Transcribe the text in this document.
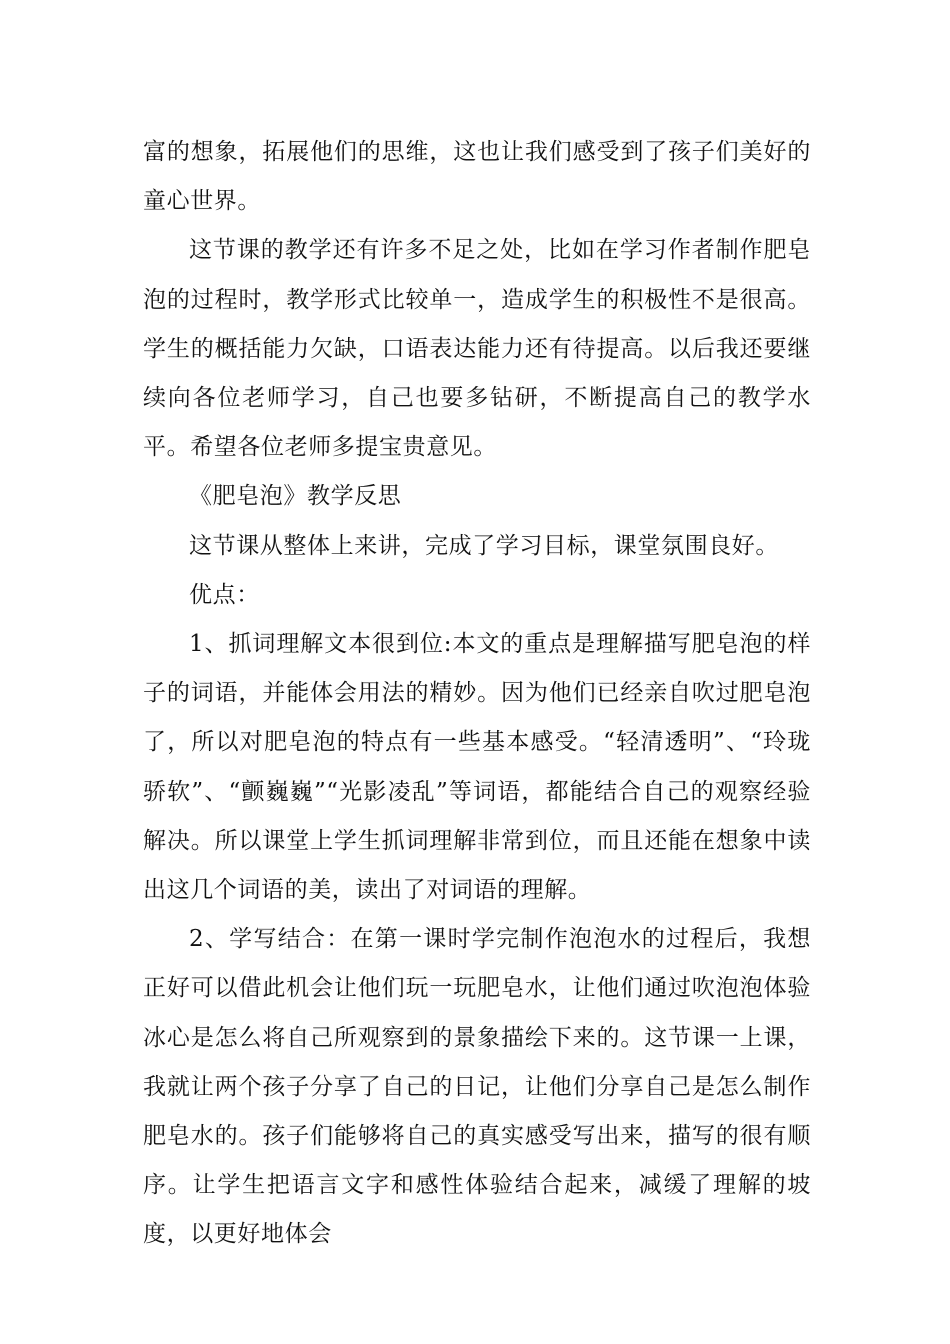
富的想象，拓展他们的思维，这也让我们感受到了孩子们美好的童心世界。

这节课的教学还有许多不足之处，比如在学习作者制作肥皂泡的过程时，教学形式比较单一，造成学生的积极性不是很高。学生的概括能力欠缺，口语表达能力还有待提高。以后我还要继续向各位老师学习，自己也要多钻研，不断提高自己的教学水平。希望各位老师多提宝贵意见。

《肥皂泡》教学反思

这节课从整体上来讲，完成了学习目标，课堂氛围良好。

优点：

1、抓词理解文本很到位:本文的重点是理解描写肥皂泡的样子的词语，并能体会用法的精妙。因为他们已经亲自吹过肥皂泡了，所以对肥皂泡的特点有一些基本感受。“轻清透明”、“玲珑骄软”、“颤巍巍”“光影凌乱”等词语，都能结合自己的观察经验解决。所以课堂上学生抓词理解非常到位，而且还能在想象中读出这几个词语的美，读出了对词语的理解。

2、学写结合：在第一课时学完制作泡泡水的过程后，我想正好可以借此机会让他们玩一玩肥皂水，让他们通过吹泡泡体验冰心是怎么将自己所观察到的景象描绘下来的。这节课一上课，我就让两个孩子分享了自己的日记，让他们分享自己是怎么制作肥皂水的。孩子们能够将自己的真实感受写出来，描写的很有顺序。让学生把语言文字和感性体验结合起来，减缓了理解的坡度，以更好地体会
